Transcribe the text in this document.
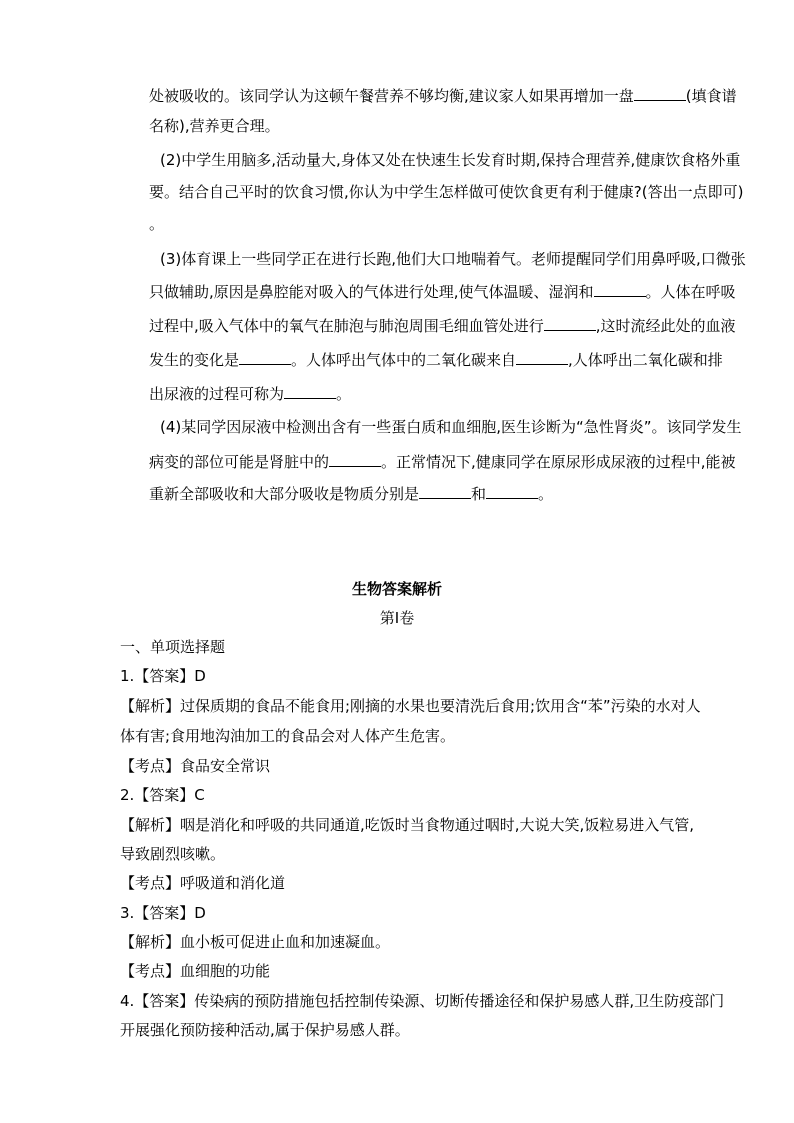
处被吸收的。该同学认为这顿午餐营养不够均衡,建议家人如果再增加一盘	(填食谱
名称),营养更合理。
(2)中学生用脑多,活动量大,身体又处在快速生长发育时期,保持合理营养,健康饮食格外重
要。结合自己平时的饮食习惯,你认为中学生怎样做可使饮食更有利于健康?(答出一点即可)
。
(3)体育课上一些同学正在进行长跑,他们大口地喘着气。老师提醒同学们用鼻呼吸,口微张
只做辅助,原因是鼻腔能对吸入的气体进行处理,使气体温暖、湿润和	。人体在呼吸
过程中,吸入气体中的氧气在肺泡与肺泡周围毛细血管处进行	,这时流经此处的血液
发生的变化是	。人体呼出气体中的二氧化碳来自	,人体呼出二氧化碳和排
出尿液的过程可称为	。
(4)某同学因尿液中检测出含有一些蛋白质和血细胞,医生诊断为“急性肾炎”。该同学发生
病变的部位可能是肾脏中的	。正常情况下,健康同学在原尿形成尿液的过程中,能被
重新全部吸收和大部分吸收是物质分别是	和	。
生物答案解析
第I卷
一、单项选择题
1.【答案】D
【解析】过保质期的食品不能食用;刚摘的水果也要清洗后食用;饮用含“苯”污染的水对人
体有害;食用地沟油加工的食品会对人体产生危害。
【考点】食品安全常识
2.【答案】C
【解析】咽是消化和呼吸的共同通道,吃饭时当食物通过咽时,大说大笑,饭粒易进入气管,
导致剧烈咳嗽。
【考点】呼吸道和消化道
3.【答案】D
【解析】血小板可促进止血和加速凝血。
【考点】血细胞的功能
4.【答案】传染病的预防措施包括控制传染源、切断传播途径和保护易感人群,卫生防疫部门
开展强化预防接种活动,属于保护易感人群。
